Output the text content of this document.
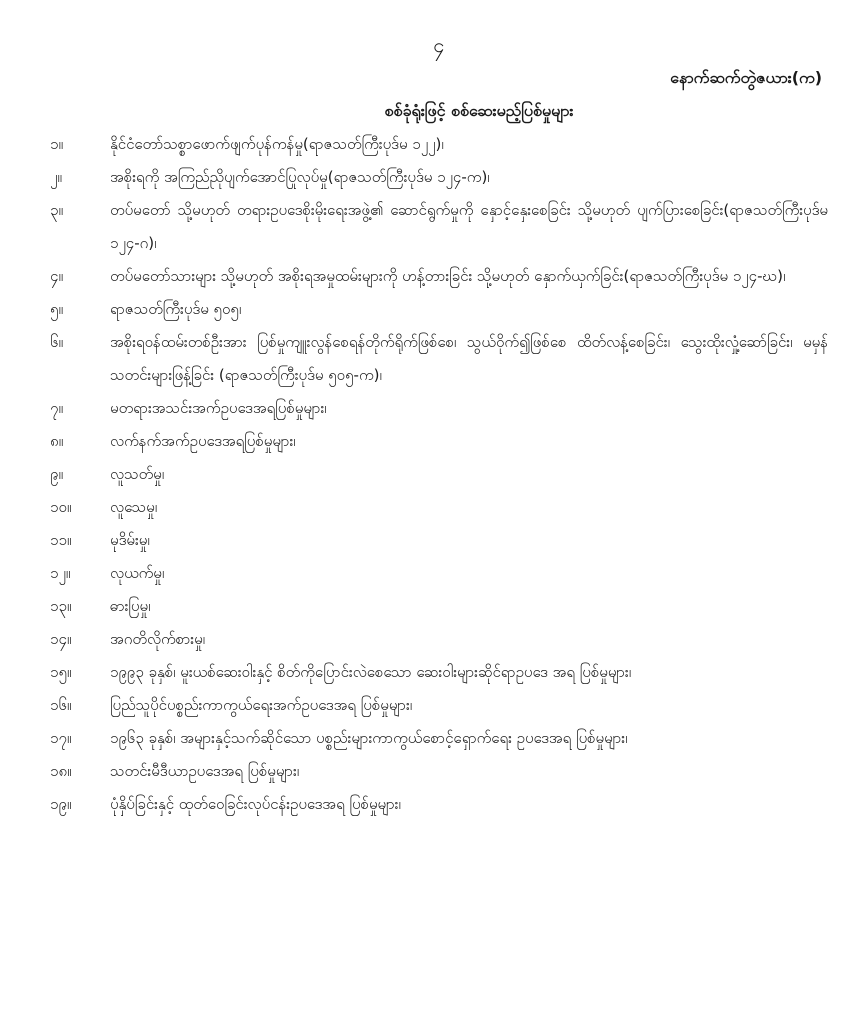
၄
နောက်ဆက်တွဲဇယား(က)
စစ်ခုံရုံးဖြင့် စစ်ဆေးမည့်ပြစ်မှုများ
၁။	နိုင်ငံတော်သစ္စာဖောက်ဖျက်ပုန်ကန်မှု(ရာဇသတ်ကြီးပုဒ်မ ၁၂၂)၊
၂။	အစိုးရကို အကြည်ညိုပျက်အောင်ပြုလုပ်မှု(ရာဇသတ်ကြီးပုဒ်မ ၁၂၄-က)၊
၃။	တပ်မတော် သို့မဟုတ် တရားဥပဒေစိုးမိုးရေးအဖွဲ့၏ ဆောင်ရွက်မှုကို နှောင့်နှေးစေခြင်း သို့မဟုတ် ပျက်ပြားစေခြင်း(ရာဇသတ်ကြီးပုဒ်မ ၁၂၄-ဂ)၊
၄။	တပ်မတော်သားများ သို့မဟုတ် အစိုးရအမှုထမ်းများကို ဟန့်တားခြင်း သို့မဟုတ် နှောက်ယှက်ခြင်း(ရာဇသတ်ကြီးပုဒ်မ ၁၂၄-ဃ)၊
၅။	ရာဇသတ်ကြီးပုဒ်မ ၅၀၅၊
၆။	အစိုးရဝန်ထမ်းတစ်ဦးအား ပြစ်မှုကျူးလွန်စေရန်တိုက်ရိုက်ဖြစ်စေ၊ သွယ်ဝိုက်၍ဖြစ်စေ ထိတ်လန့်စေခြင်း၊ သွေးထိုးလှုံ့ဆော်ခြင်း၊ မမှန်သတင်းများဖြန့်ခြင်း (ရာဇသတ်ကြီးပုဒ်မ ၅၀၅-က)၊
၇။	မတရားအသင်းအက်ဥပဒေအရပြစ်မှုများ၊
၈။	လက်နက်အက်ဥပဒေအရပြစ်မှုများ၊
၉။	လူသတ်မှု၊
၁၀။	လူသေမှု၊
၁၁။	မုဒိမ်းမှု၊
၁၂။	လုယက်မှု၊
၁၃။	ဓားပြမှု၊
၁၄။	အဂတိလိုက်စားမှု၊
၁၅။	၁၉၉၃ ခုနှစ်၊ မူးယစ်ဆေးဝါးနှင့် စိတ်ကိုပြောင်းလဲစေသော ဆေးဝါးများဆိုင်ရာဥပဒေ အရ ပြစ်မှုများ၊
၁၆။	ပြည်သူပိုင်ပစ္စည်းကာကွယ်ရေးအက်ဥပဒေအရ ပြစ်မှုများ၊
၁၇။	၁၉၆၃ ခုနှစ်၊ အများနှင့်သက်ဆိုင်သော ပစ္စည်းများကာကွယ်စောင့်ရှောက်ရေး ဥပဒေအရ ပြစ်မှုများ၊
၁၈။	သတင်းမီဒီယာဥပဒေအရ ပြစ်မှုများ၊
၁၉။	ပုံနှိပ်ခြင်းနှင့် ထုတ်ဝေခြင်းလုပ်ငန်းဥပဒေအရ ပြစ်မှုများ၊
